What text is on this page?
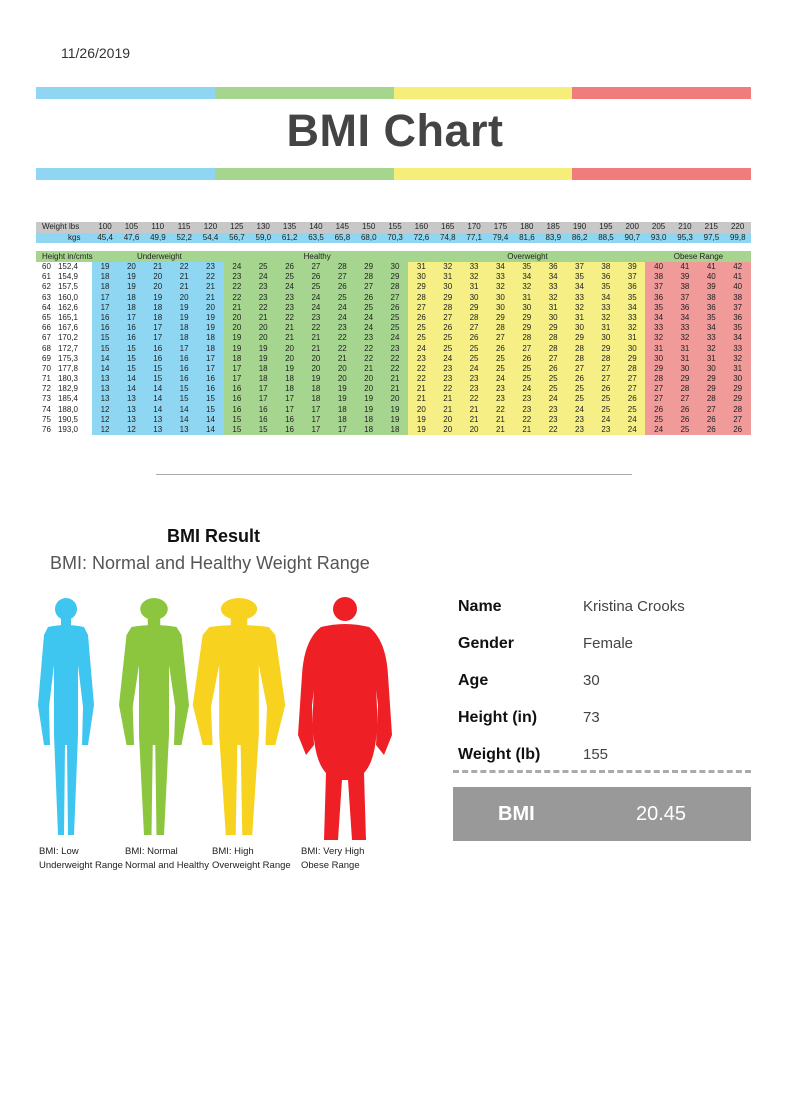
11/26/2019
BMI Chart
Weight lbs	100	105	110	115	120	125	130	135	140	145	150	155	160	165	170	175	180	185	190	195	200	205	210	215	220
kgs	45,4	47,6	49,9	52,2	54,4	56,7	59,0	61,2	63,5	65,8	68,0	70,3	72,6	74,8	77,1	79,4	81,6	83,9	86,2	88,5	90,7	93,0	95,3	97,5	99,8
Height in/cmts	Underweight	Healthy	Overweight	Obese Range
60 152,4	19	20	21	22	23	24	25	26	27	28	29	30	31	32	33	34	35	36	37	38	39	40	41	41	42
61 154,9	18	19	20	21	22	23	24	25	26	27	28	29	30	31	32	33	34	34	35	36	37	38	39	40	41
62 157,5	18	19	20	21	21	22	23	24	25	26	27	28	29	30	31	32	32	33	34	35	36	37	38	39	40
63 160,0	17	18	19	20	21	22	23	23	24	25	26	27	28	29	30	30	31	32	33	34	35	36	37	38	38
64 162,6	17	18	18	19	20	21	22	23	24	24	25	26	27	28	29	30	30	31	32	33	34	35	36	36	37
65 165,1	16	17	18	19	19	20	21	22	23	24	24	25	26	27	28	29	29	30	31	32	33	34	34	35	36
66 167,6	16	16	17	18	19	20	20	21	22	23	24	25	25	26	27	28	29	29	30	31	32	33	33	34	35
67 170,2	15	16	17	18	18	19	20	21	21	22	23	24	25	25	26	27	28	28	29	30	31	32	32	33	34
68 172,7	15	15	16	17	18	19	19	20	21	22	22	23	24	25	25	26	27	28	28	29	30	31	31	32	33
69 175,3	14	15	16	16	17	18	19	20	20	21	22	22	23	24	25	25	26	27	28	28	29	30	31	31	32
70 177,8	14	15	15	16	17	17	18	19	20	20	21	22	22	23	24	25	25	26	27	27	28	29	30	30	31
71 180,3	13	14	15	16	16	17	18	18	19	20	20	21	22	23	23	24	25	25	26	27	27	28	29	29	30
72 182,9	13	14	14	15	16	16	17	18	18	19	20	21	21	22	23	23	24	25	25	26	27	27	28	29	29
73 185,4	13	13	14	15	15	16	17	17	18	19	19	20	21	21	22	23	23	24	25	25	26	27	27	28	29
74 188,0	12	13	14	14	15	16	16	17	17	18	19	19	20	21	21	22	23	23	24	25	25	26	26	27	28
75 190,5	12	13	13	14	14	15	16	16	17	18	18	19	19	20	21	21	22	23	23	24	24	25	26	26	27
76 193,0	12	12	13	13	14	15	15	16	17	17	18	18	19	20	20	21	21	22	23	23	24	24	25	26	26
BMI Result
BMI: Normal and Healthy Weight Range
BMI: Low
Underweight Range
BMI: Normal
Normal and Healthy
BMI: High
Overweight Range
BMI: Very High
Obese Range
Name	Kristina Crooks
Gender	Female
Age	30
Height (in)	73
Weight (lb)	155
BMI	20.45
